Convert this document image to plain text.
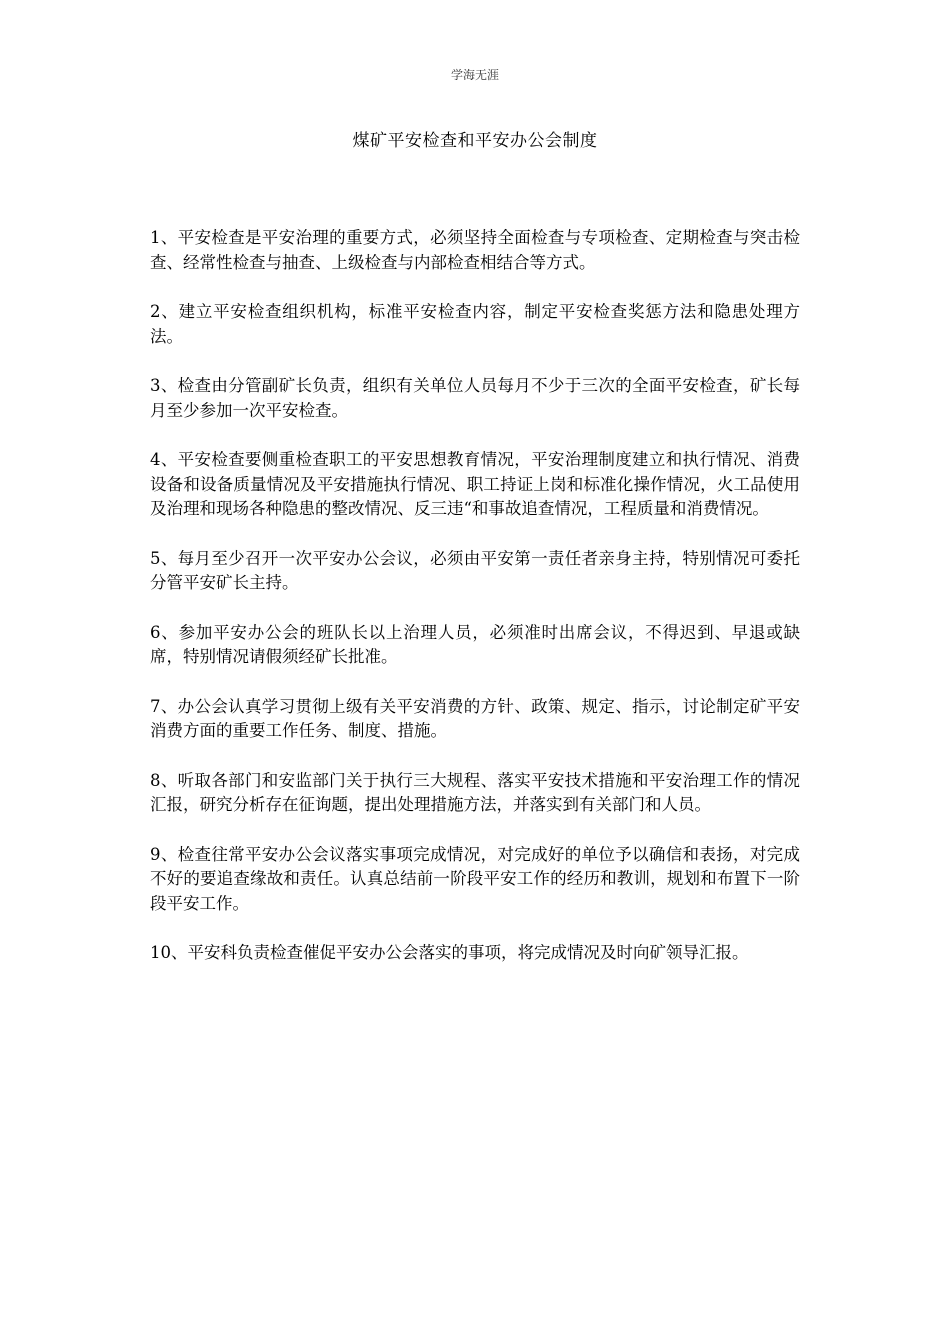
学海无涯
煤矿平安检查和平安办公会制度

1、平安检查是平安治理的重要方式，必须坚持全面检查与专项检查、定期检查与突击检查、经常性检查与抽查、上级检查与内部检查相结合等方式。

2、建立平安检查组织机构，标准平安检查内容，制定平安检查奖惩方法和隐患处理方法。

3、检查由分管副矿长负责，组织有关单位人员每月不少于三次的全面平安检查，矿长每月至少参加一次平安检查。

4、平安检查要侧重检查职工的平安思想教育情况，平安治理制度建立和执行情况、消费设备和设备质量情况及平安措施执行情况、职工持证上岗和标准化操作情况，火工品使用及治理和现场各种隐患的整改情况、反三违“和事故追查情况，工程质量和消费情况。

5、每月至少召开一次平安办公会议，必须由平安第一责任者亲身主持，特别情况可委托分管平安矿长主持。

6、参加平安办公会的班队长以上治理人员，必须准时出席会议，不得迟到、早退或缺席，特别情况请假须经矿长批准。

7、办公会认真学习贯彻上级有关平安消费的方针、政策、规定、指示，讨论制定矿平安消费方面的重要工作任务、制度、措施。

8、听取各部门和安监部门关于执行三大规程、落实平安技术措施和平安治理工作的情况汇报，研究分析存在征询题，提出处理措施方法，并落实到有关部门和人员。

9、检查往常平安办公会议落实事项完成情况，对完成好的单位予以确信和表扬，对完成不好的要追查缘故和责任。认真总结前一阶段平安工作的经历和教训，规划和布置下一阶段平安工作。

10、平安科负责检查催促平安办公会落实的事项，将完成情况及时向矿领导汇报。
